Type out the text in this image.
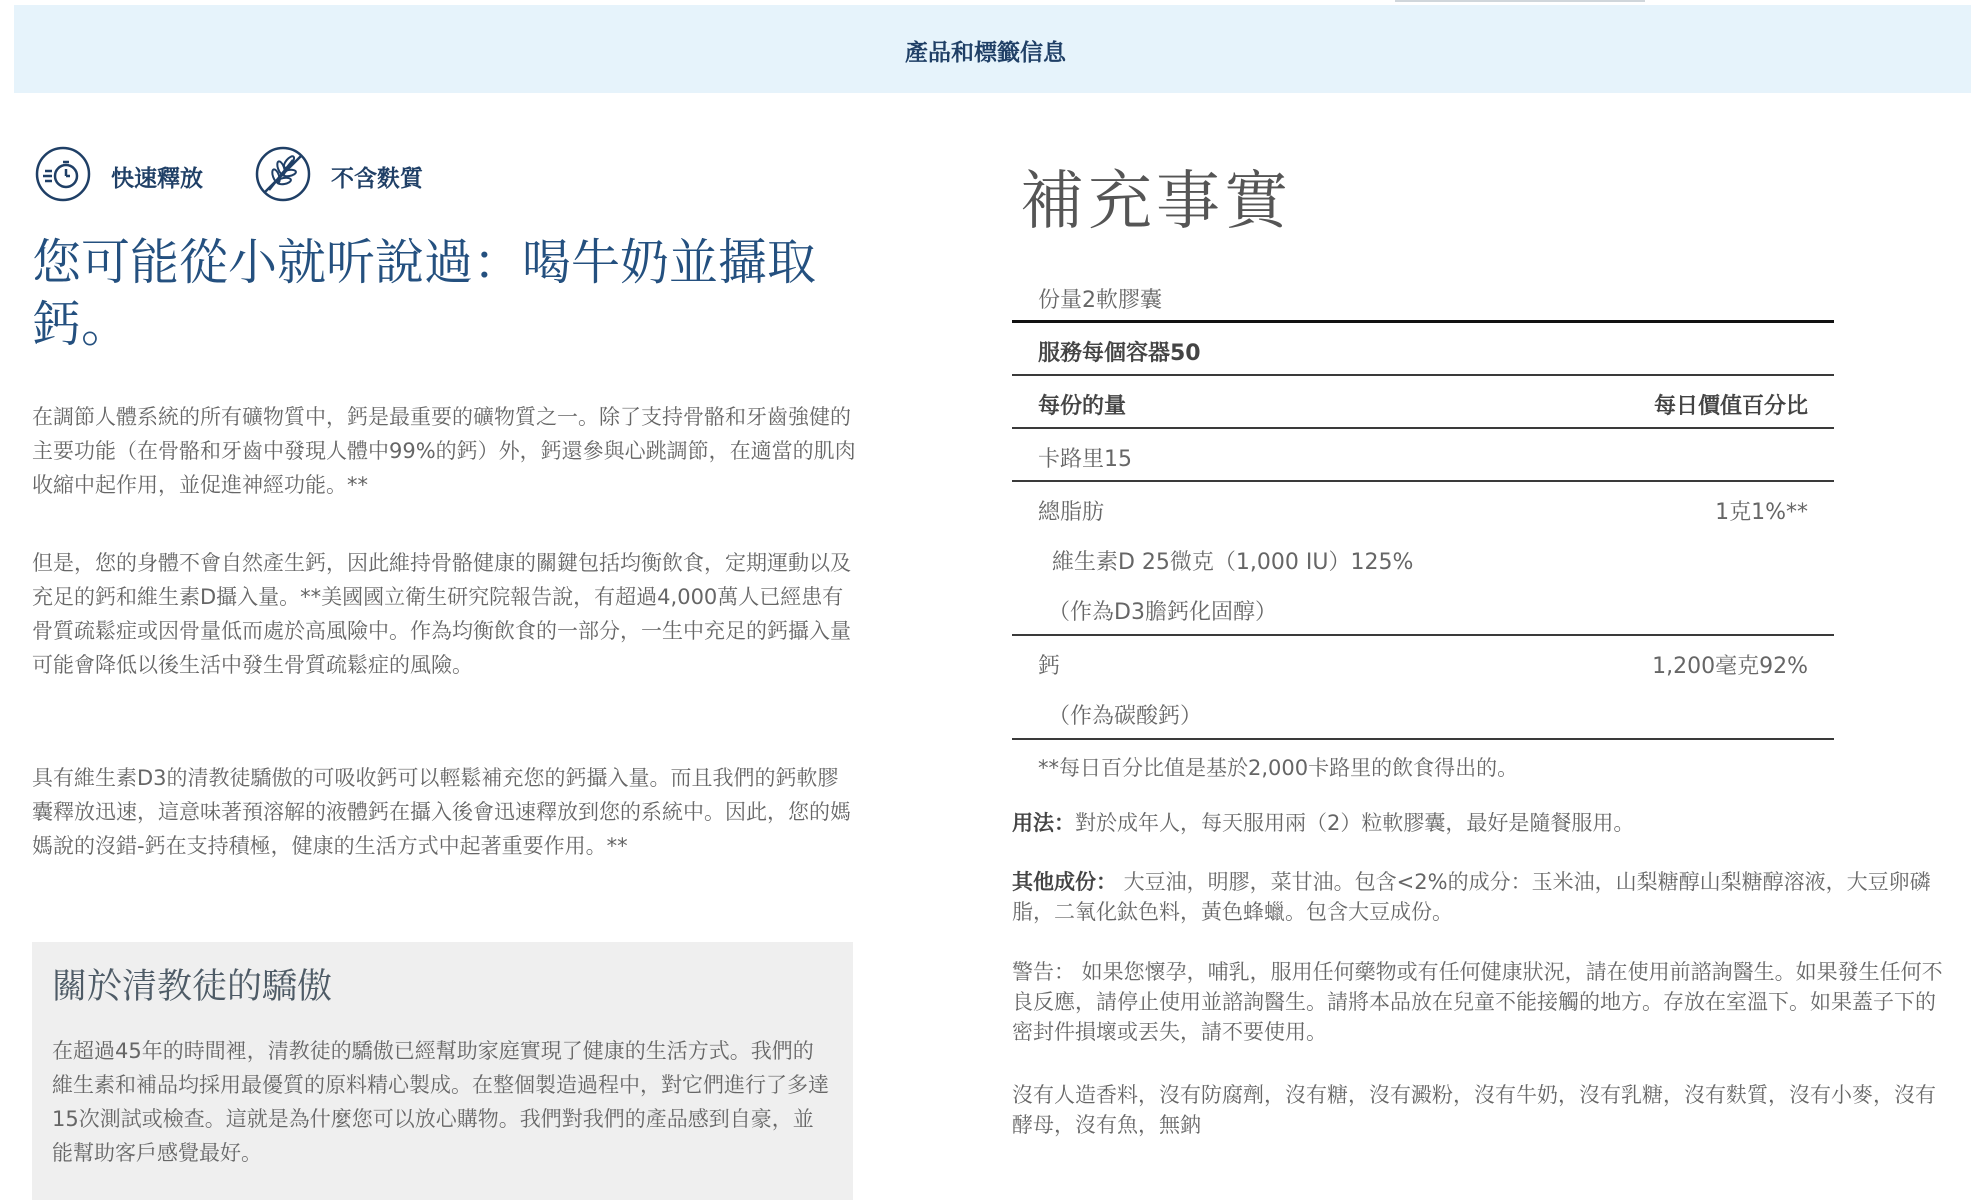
產品和標籤信息
快速釋放	不含麩質
您可能從小就听說過：喝牛奶並攝取鈣。

在調節人體系統的所有礦物質中，鈣是最重要的礦物質之一。除了支持骨骼和牙齒強健的主要功能（在骨骼和牙齒中發現人體中99%的鈣）外，鈣還參與心跳調節，在適當的肌肉收縮中起作用，並促進神經功能。**

但是，您的身體不會自然產生鈣，因此維持骨骼健康的關鍵包括均衡飲食，定期運動以及充足的鈣和維生素D攝入量。**美國國立衛生研究院報告說，有超過4,000萬人已經患有骨質疏鬆症或因骨量低而處於高風險中。作為均衡飲食的一部分，一生中充足的鈣攝入量可能會降低以後生活中發生骨質疏鬆症的風險。

具有維生素D3的清教徒驕傲的可吸收鈣可以輕鬆補充您的鈣攝入量。而且我們的鈣軟膠囊釋放迅速，這意味著預溶解的液體鈣在攝入後會迅速釋放到您的系統中。因此，您的媽媽說的沒錯-鈣在支持積極，健康的生活方式中起著重要作用。**

關於清教徒的驕傲
在超過45年的時間裡，清教徒的驕傲已經幫助家庭實現了健康的生活方式。我們的維生素和補品均採用最優質的原料精心製成。在整個製造過程中，對它們進行了多達15次測試或檢查。這就是為什麼您可以放心購物。我們對我們的產品感到自豪，並能幫助客戶感覺最好。
補充事實
份量2軟膠囊
服務每個容器50
每份的量	每日價值百分比
卡路里15
總脂肪	1克1%**
維生素D 25微克（1,000 IU）125%
（作為D3膽鈣化固醇）
鈣	1,200毫克92%
（作為碳酸鈣）
**每日百分比值是基於2,000卡路里的飲食得出的。

用法：對於成年人，每天服用兩（2）粒軟膠囊，最好是隨餐服用。

其他成份： 大豆油，明膠，菜甘油。包含<2%的成分：玉米油，山梨糖醇山梨糖醇溶液，大豆卵磷脂，二氧化鈦色料，黃色蜂蠟。包含大豆成份。

警告： 如果您懷孕，哺乳，服用任何藥物或有任何健康狀況，請在使用前諮詢醫生。如果發生任何不良反應，請停止使用並諮詢醫生。請將本品放在兒童不能接觸的地方。存放在室溫下。如果蓋子下的密封件損壞或丟失，請不要使用。

沒有人造香料，沒有防腐劑，沒有糖，沒有澱粉，沒有牛奶，沒有乳糖，沒有麩質，沒有小麥，沒有酵母，沒有魚，無鈉
